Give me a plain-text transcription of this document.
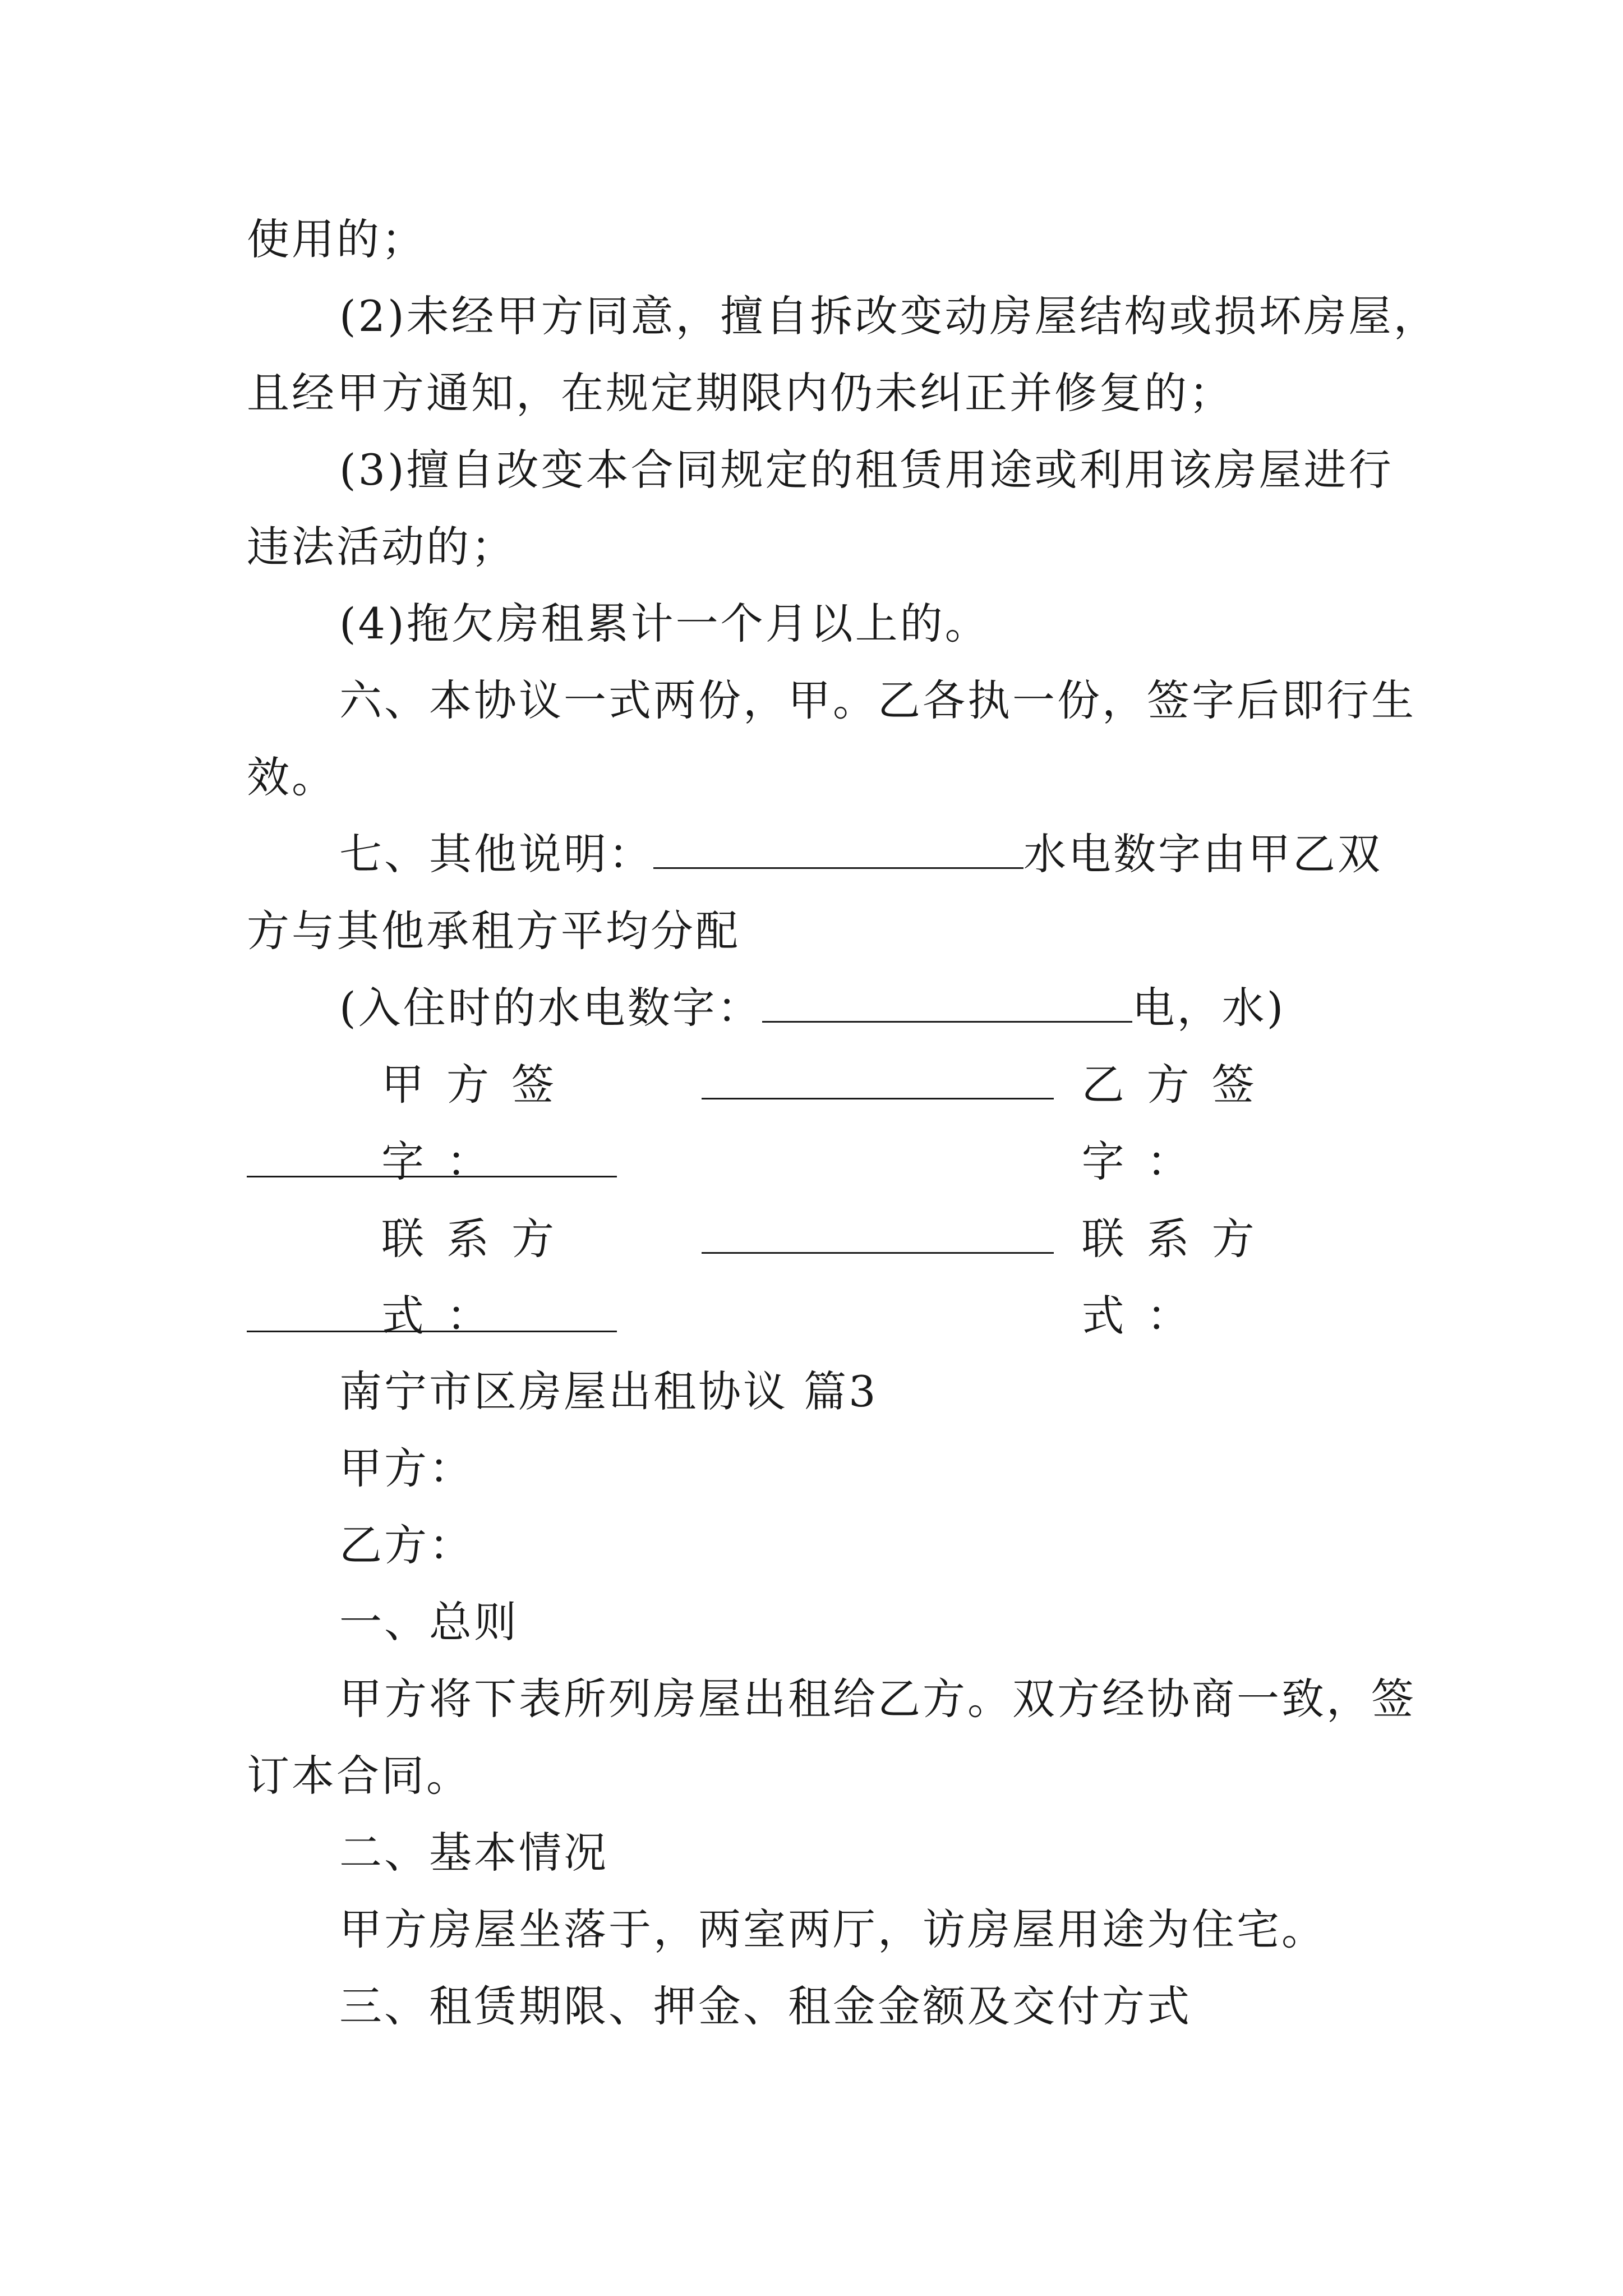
使用的；

(2)未经甲方同意，擅自拆改变动房屋结构或损坏房屋，

且经甲方通知，在规定期限内仍未纠正并修复的；

(3)擅自改变本合同规定的租赁用途或利用该房屋进行

违法活动的；

(4)拖欠房租累计一个月以上的。

六、本协议一式两份，甲。乙各执一份，签字后即行生

效。

七、其他说明：	水电数字由甲乙双

方与其他承租方平均分配

(入住时的水电数字：	电，水)

甲方签字：
乙方签字：
联系方式：
联系方式：

南宁市区房屋出租协议 篇3

甲方：

乙方：

一、总则

甲方将下表所列房屋出租给乙方。双方经协商一致，签

订本合同。

二、基本情况

甲方房屋坐落于，两室两厅，访房屋用途为住宅。

三、租赁期限、押金、租金金额及交付方式
